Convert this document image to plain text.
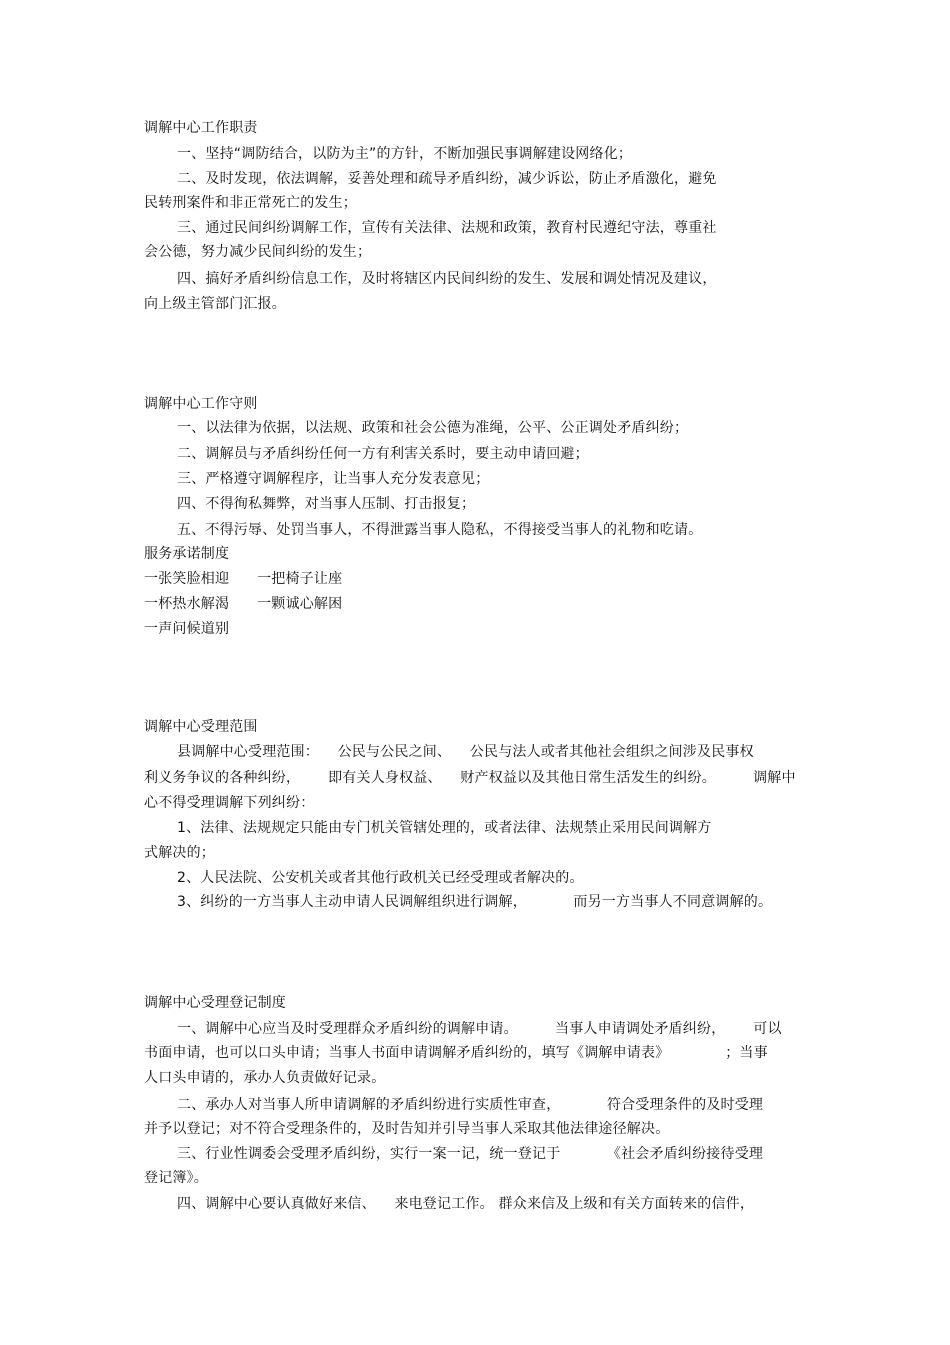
调解中心工作职责
一、坚持“调防结合，以防为主”的方针，不断加强民事调解建设网络化；
二、及时发现，依法调解，妥善处理和疏导矛盾纠纷，减少诉讼，防止矛盾激化，避免
民转刑案件和非正常死亡的发生；
三、通过民间纠纷调解工作，宣传有关法律、法规和政策，教育村民遵纪守法，尊重社
会公德，努力减少民间纠纷的发生；
四、搞好矛盾纠纷信息工作，及时将辖区内民间纠纷的发生、发展和调处情况及建议，
向上级主管部门汇报。
调解中心工作守则
一、以法律为依据，以法规、政策和社会公德为准绳，公平、公正调处矛盾纠纷；
二、调解员与矛盾纠纷任何一方有利害关系时，要主动申请回避；
三、严格遵守调解程序，让当事人充分发表意见；
四、不得徇私舞弊，对当事人压制、打击报复；
五、不得污辱、处罚当事人，不得泄露当事人隐私，不得接受当事人的礼物和吃请。
服务承诺制度
一张笑脸相迎      一把椅子让座
一杯热水解渴      一颗诚心解困
一声问候道别
调解中心受理范围
县调解中心受理范围：    公民与公民之间、    公民与法人或者其他社会组织之间涉及民事权
利义务争议的各种纠纷，      即有关人身权益、    财产权益以及其他日常生活发生的纠纷。        调解中
心不得受理调解下列纠纷：
1、法律、法规规定只能由专门机关管辖处理的，或者法律、法规禁止采用民间调解方
式解决的；
2、人民法院、公安机关或者其他行政机关已经受理或者解决的。
3、纠纷的一方当事人主动申请人民调解组织进行调解，          而另一方当事人不同意调解的。
调解中心受理登记制度
一、调解中心应当及时受理群众矛盾纠纷的调解申请。        当事人申请调处矛盾纠纷，      可以
书面申请，也可以口头申请；当事人书面申请调解矛盾纠纷的，填写《调解申请表》            ；当事
人口头申请的，承办人负责做好记录。
二、承办人对当事人所申请调解的矛盾纠纷进行实质性审查，          符合受理条件的及时受理
并予以登记；对不符合受理条件的，及时告知并引导当事人采取其他法律途径解决。
三、行业性调委会受理矛盾纠纷，实行一案一记，统一登记于          《社会矛盾纠纷接待受理
登记簿》。
四、调解中心要认真做好来信、    来电登记工作。 群众来信及上级和有关方面转来的信件，
